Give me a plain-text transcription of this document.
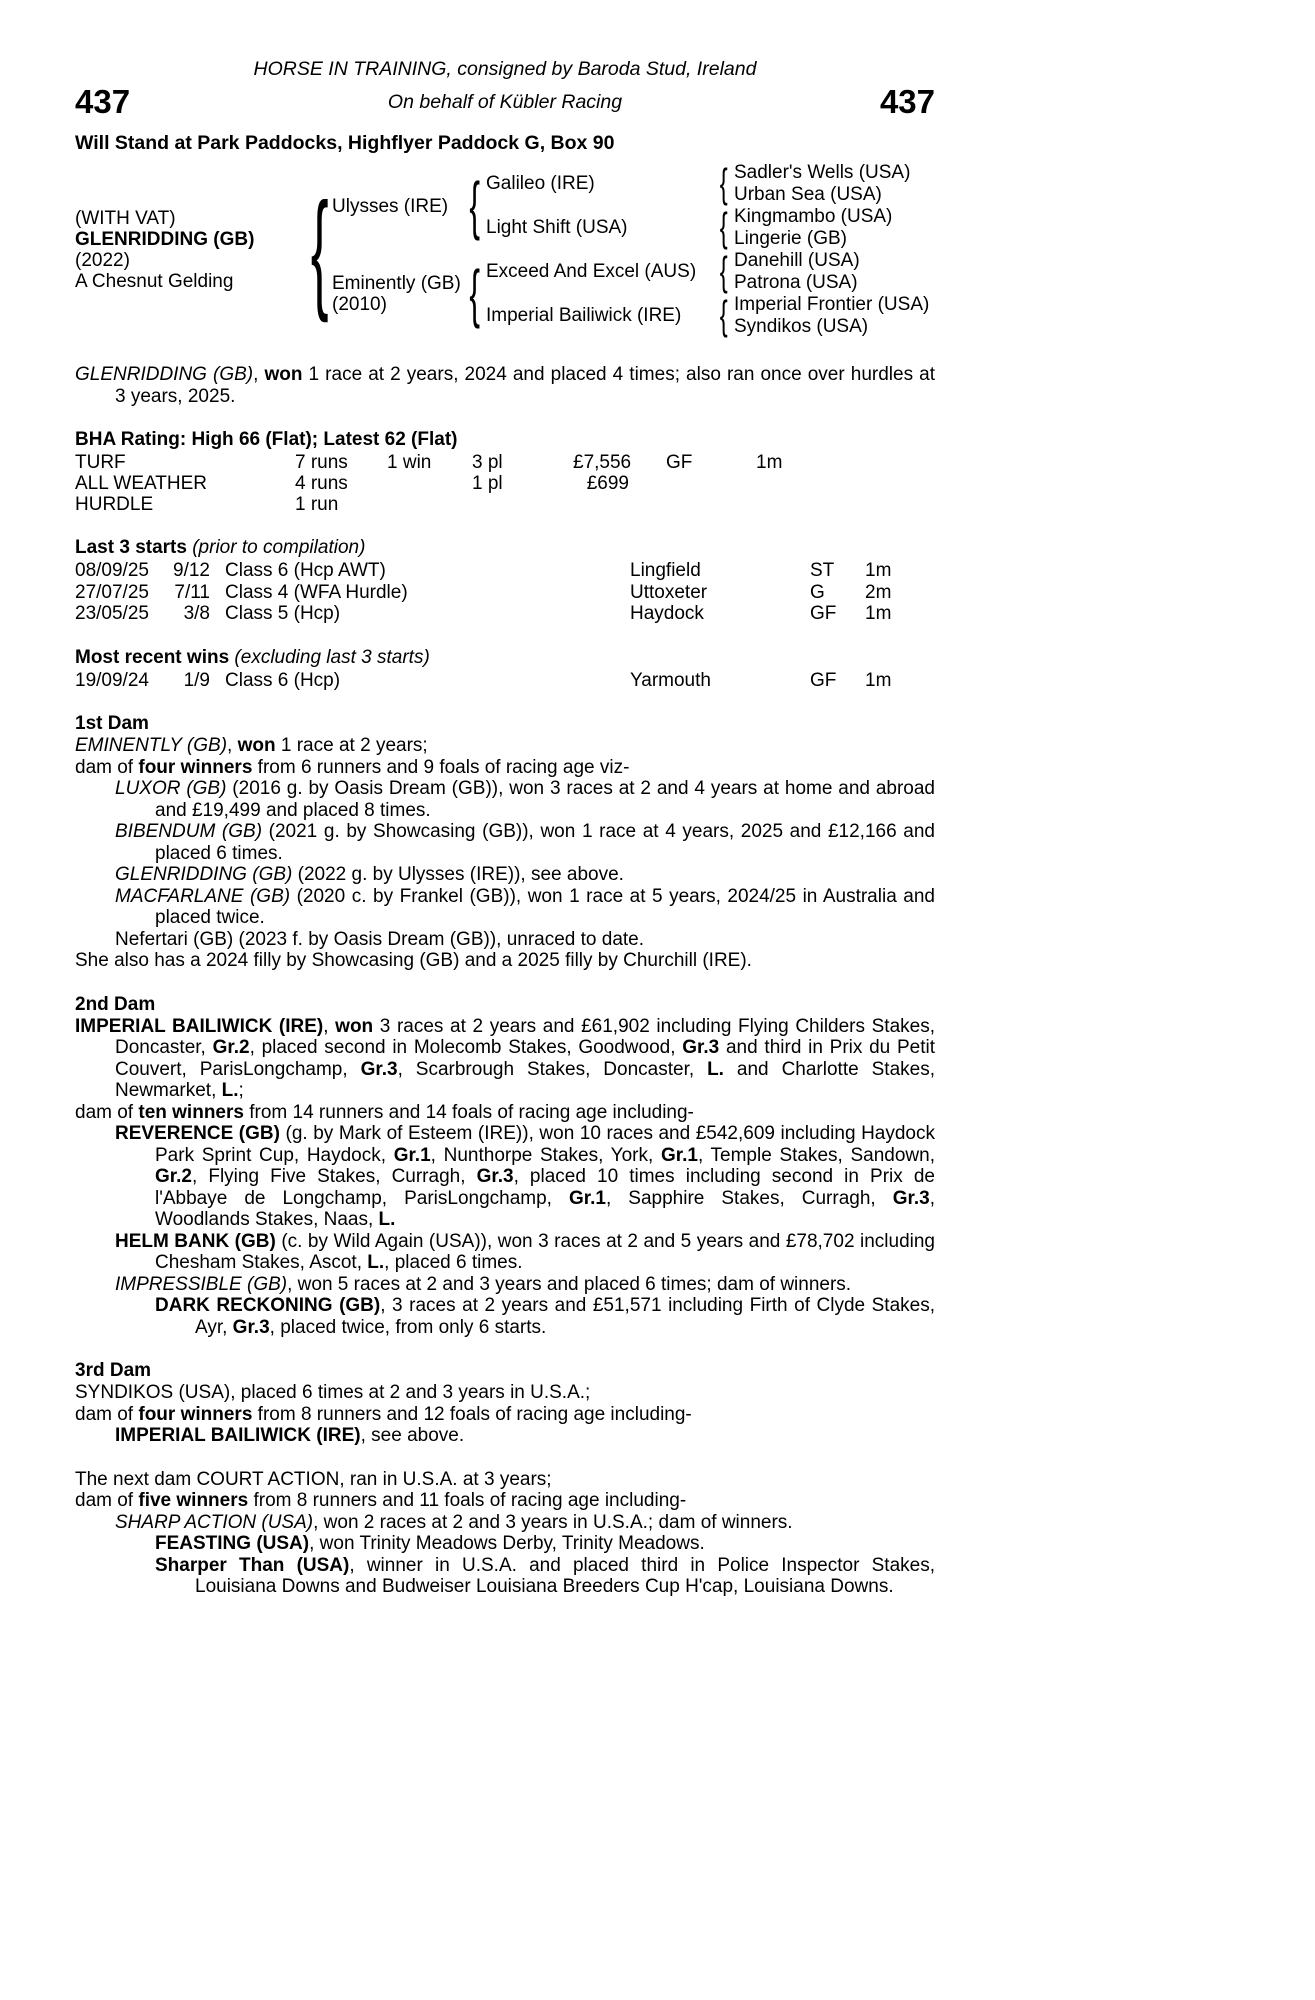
HORSE IN TRAINING, consigned by Baroda Stud, Ireland
437	On behalf of Kübler Racing	437
Will Stand at Park Paddocks, Highflyer Paddock G, Box 90
(WITH VAT)
GLENRIDDING (GB)
(2022)
A Chesnut Gelding { Ulysses (IRE) { Galileo (IRE)	{ Sadler's Wells (USA)
Urban Sea (USA)
Light Shift (USA)	{ Kingmambo (USA)
Lingerie (GB)
Eminently (GB)
(2010)	{ Exceed And Excel (AUS) { Danehill (USA)
Patrona (USA)
Imperial Bailiwick (IRE)	{ Imperial Frontier (USA)
Syndikos (USA)
GLENRIDDING (GB), won 1 race at 2 years, 2024 and placed 4 times; also ran once over hurdles at 3 years, 2025.
BHA Rating: High 66 (Flat); Latest 62 (Flat)
TURF	7 runs	1 win	3 pl	£7,556	GF	1m
ALL WEATHER	4 runs	1 pl	£699
HURDLE	1 run
Last 3 starts (prior to compilation)
08/09/25	9/12 Class 6 (Hcp AWT)	Lingfield	ST	1m
27/07/25	7/11 Class 4 (WFA Hurdle)	Uttoxeter	G	2m
23/05/25	3/8 Class 5 (Hcp)	Haydock	GF	1m
Most recent wins (excluding last 3 starts)
19/09/24	1/9 Class 6 (Hcp)	Yarmouth	GF	1m
1st Dam
EMINENTLY (GB), won 1 race at 2 years;
dam of four winners from 6 runners and 9 foals of racing age viz-
LUXOR (GB) (2016 g. by Oasis Dream (GB)), won 3 races at 2 and 4 years at home and abroad and £19,499 and placed 8 times.
BIBENDUM (GB) (2021 g. by Showcasing (GB)), won 1 race at 4 years, 2025 and £12,166 and placed 6 times.
GLENRIDDING (GB) (2022 g. by Ulysses (IRE)), see above.
MACFARLANE (GB) (2020 c. by Frankel (GB)), won 1 race at 5 years, 2024/25 in Australia and placed twice.
Nefertari (GB) (2023 f. by Oasis Dream (GB)), unraced to date.
She also has a 2024 filly by Showcasing (GB) and a 2025 filly by Churchill (IRE).
2nd Dam
IMPERIAL BAILIWICK (IRE), won 3 races at 2 years and £61,902 including Flying Childers Stakes, Doncaster, Gr.2, placed second in Molecomb Stakes, Goodwood, Gr.3 and third in Prix du Petit Couvert, ParisLongchamp, Gr.3, Scarbrough Stakes, Doncaster, L. and Charlotte Stakes, Newmarket, L.;
dam of ten winners from 14 runners and 14 foals of racing age including-
REVERENCE (GB) (g. by Mark of Esteem (IRE)), won 10 races and £542,609 including Haydock Park Sprint Cup, Haydock, Gr.1, Nunthorpe Stakes, York, Gr.1, Temple Stakes, Sandown, Gr.2, Flying Five Stakes, Curragh, Gr.3, placed 10 times including second in Prix de l'Abbaye de Longchamp, ParisLongchamp, Gr.1, Sapphire Stakes, Curragh, Gr.3, Woodlands Stakes, Naas, L.
HELM BANK (GB) (c. by Wild Again (USA)), won 3 races at 2 and 5 years and £78,702 including Chesham Stakes, Ascot, L., placed 6 times.
IMPRESSIBLE (GB), won 5 races at 2 and 3 years and placed 6 times; dam of winners.
DARK RECKONING (GB), 3 races at 2 years and £51,571 including Firth of Clyde Stakes, Ayr, Gr.3, placed twice, from only 6 starts.
3rd Dam
SYNDIKOS (USA), placed 6 times at 2 and 3 years in U.S.A.;
dam of four winners from 8 runners and 12 foals of racing age including-
IMPERIAL BAILIWICK (IRE), see above.
The next dam COURT ACTION, ran in U.S.A. at 3 years;
dam of five winners from 8 runners and 11 foals of racing age including-
SHARP ACTION (USA), won 2 races at 2 and 3 years in U.S.A.; dam of winners.
FEASTING (USA), won Trinity Meadows Derby, Trinity Meadows.
Sharper Than (USA), winner in U.S.A. and placed third in Police Inspector Stakes, Louisiana Downs and Budweiser Louisiana Breeders Cup H'cap, Louisiana Downs.
